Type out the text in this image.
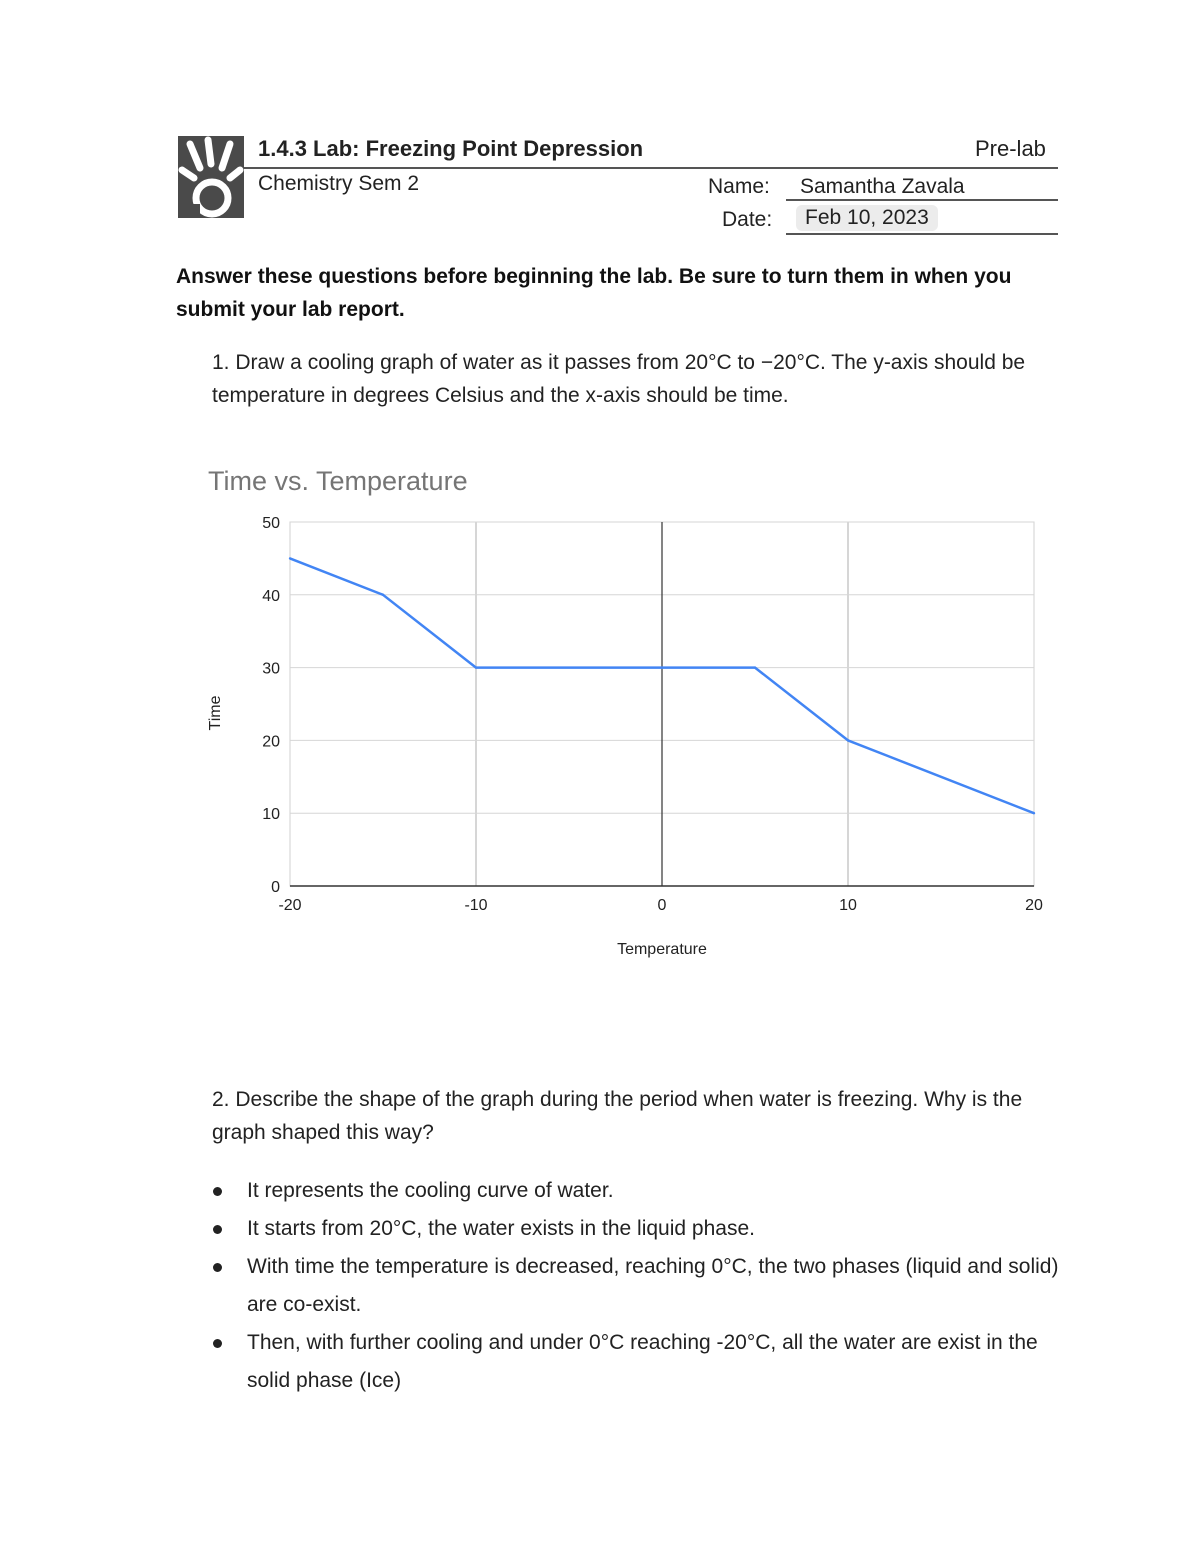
1.4.3 Lab: Freezing Point Depression	Pre-lab
Chemistry Sem 2	Name: Samantha Zavala
Date:	Feb 10, 2023
Answer these questions before beginning the lab. Be sure to turn them in when you submit your lab report.
1. Draw a cooling graph of water as it passes from 20°C to −20°C. The y-axis should be temperature in degrees Celsius and the x-axis should be time.
Time vs. Temperature
0
10
20
30
40
50
-20	-10	0	10	20
Temperature
Time
2. Describe the shape of the graph during the period when water is freezing. Why is the graph shaped this way?
It represents the cooling curve of water.
It starts from 20°C, the water exists in the liquid phase.
With time the temperature is decreased, reaching 0°C, the two phases (liquid and solid) are co-exist.
Then, with further cooling and under 0°C reaching -20°C, all the water are exist in the solid phase (Ice)
